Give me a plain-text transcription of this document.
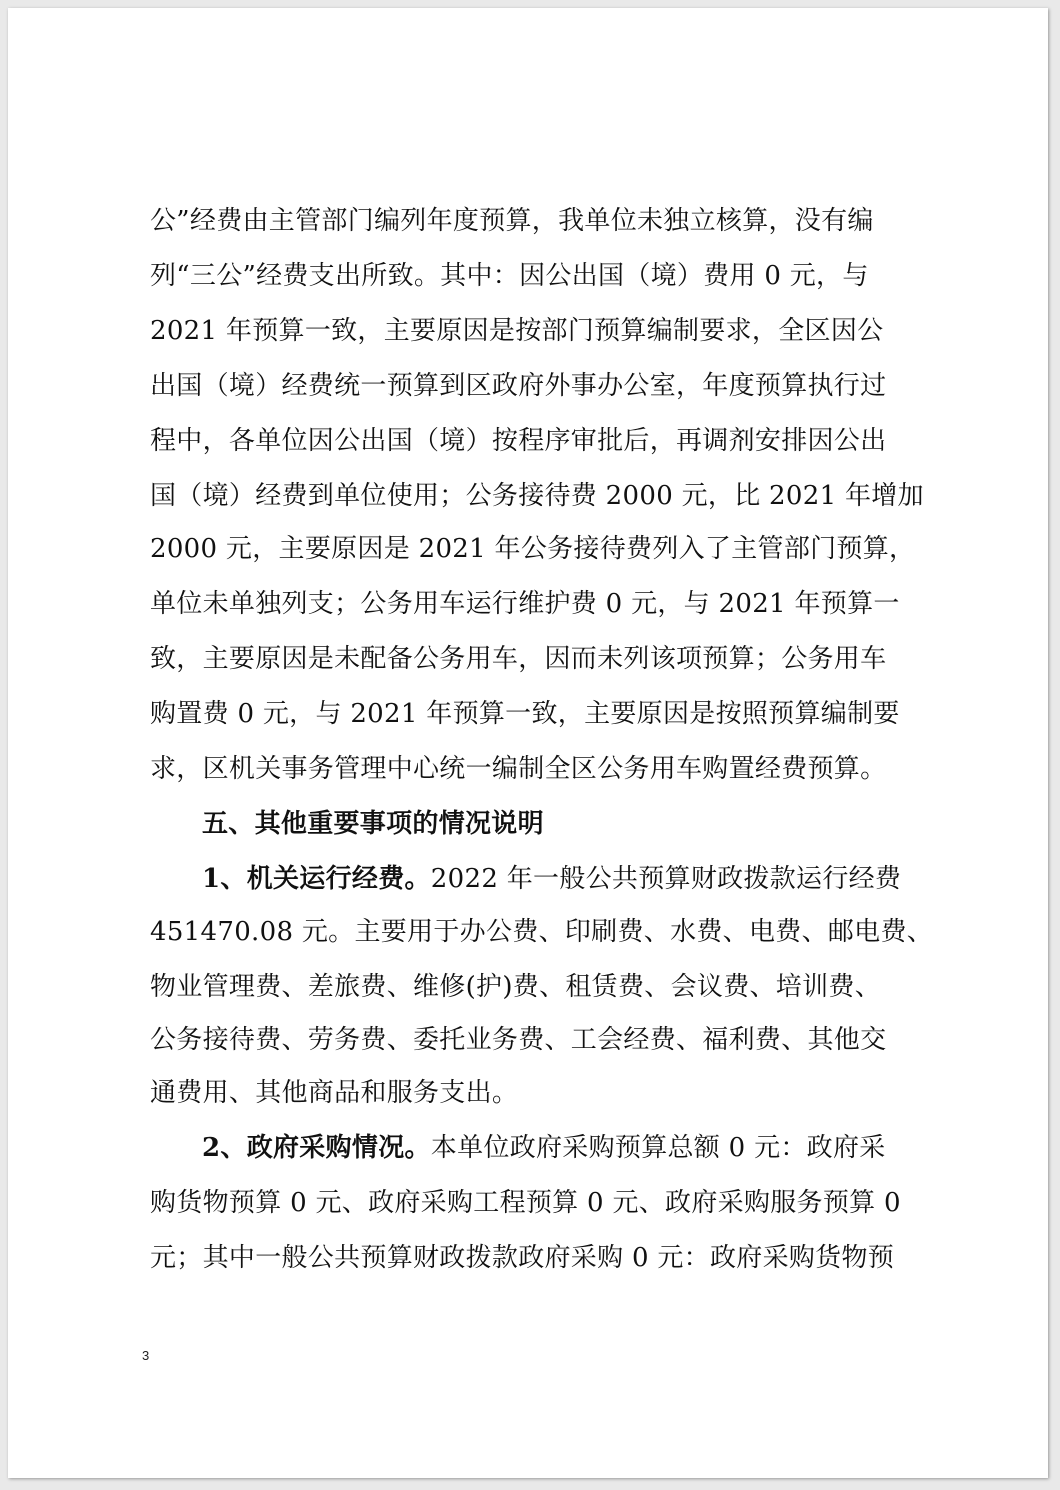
公”经费由主管部门编列年度预算，我单位未独立核算，没有编
列“三公”经费支出所致。其中：因公出国（境）费用 0 元，与
2021 年预算一致，主要原因是按部门预算编制要求，全区因公
出国（境）经费统一预算到区政府外事办公室，年度预算执行过
程中，各单位因公出国（境）按程序审批后，再调剂安排因公出
国（境）经费到单位使用；公务接待费 2000 元，比 2021 年增加
2000 元，主要原因是 2021 年公务接待费列入了主管部门预算，
单位未单独列支；公务用车运行维护费 0 元，与 2021 年预算一
致，主要原因是未配备公务用车，因而未列该项预算；公务用车
购置费 0 元，与 2021 年预算一致，主要原因是按照预算编制要
求，区机关事务管理中心统一编制全区公务用车购置经费预算。
五、其他重要事项的情况说明
1、机关运行经费。2022 年一般公共预算财政拨款运行经费
451470.08 元。主要用于办公费、印刷费、水费、电费、邮电费、
物业管理费、差旅费、维修(护)费、租赁费、会议费、培训费、
公务接待费、劳务费、委托业务费、工会经费、福利费、其他交
通费用、其他商品和服务支出。
2、政府采购情况。本单位政府采购预算总额 0 元：政府采
购货物预算 0 元、政府采购工程预算 0 元、政府采购服务预算 0
元；其中一般公共预算财政拨款政府采购 0 元：政府采购货物预
3
